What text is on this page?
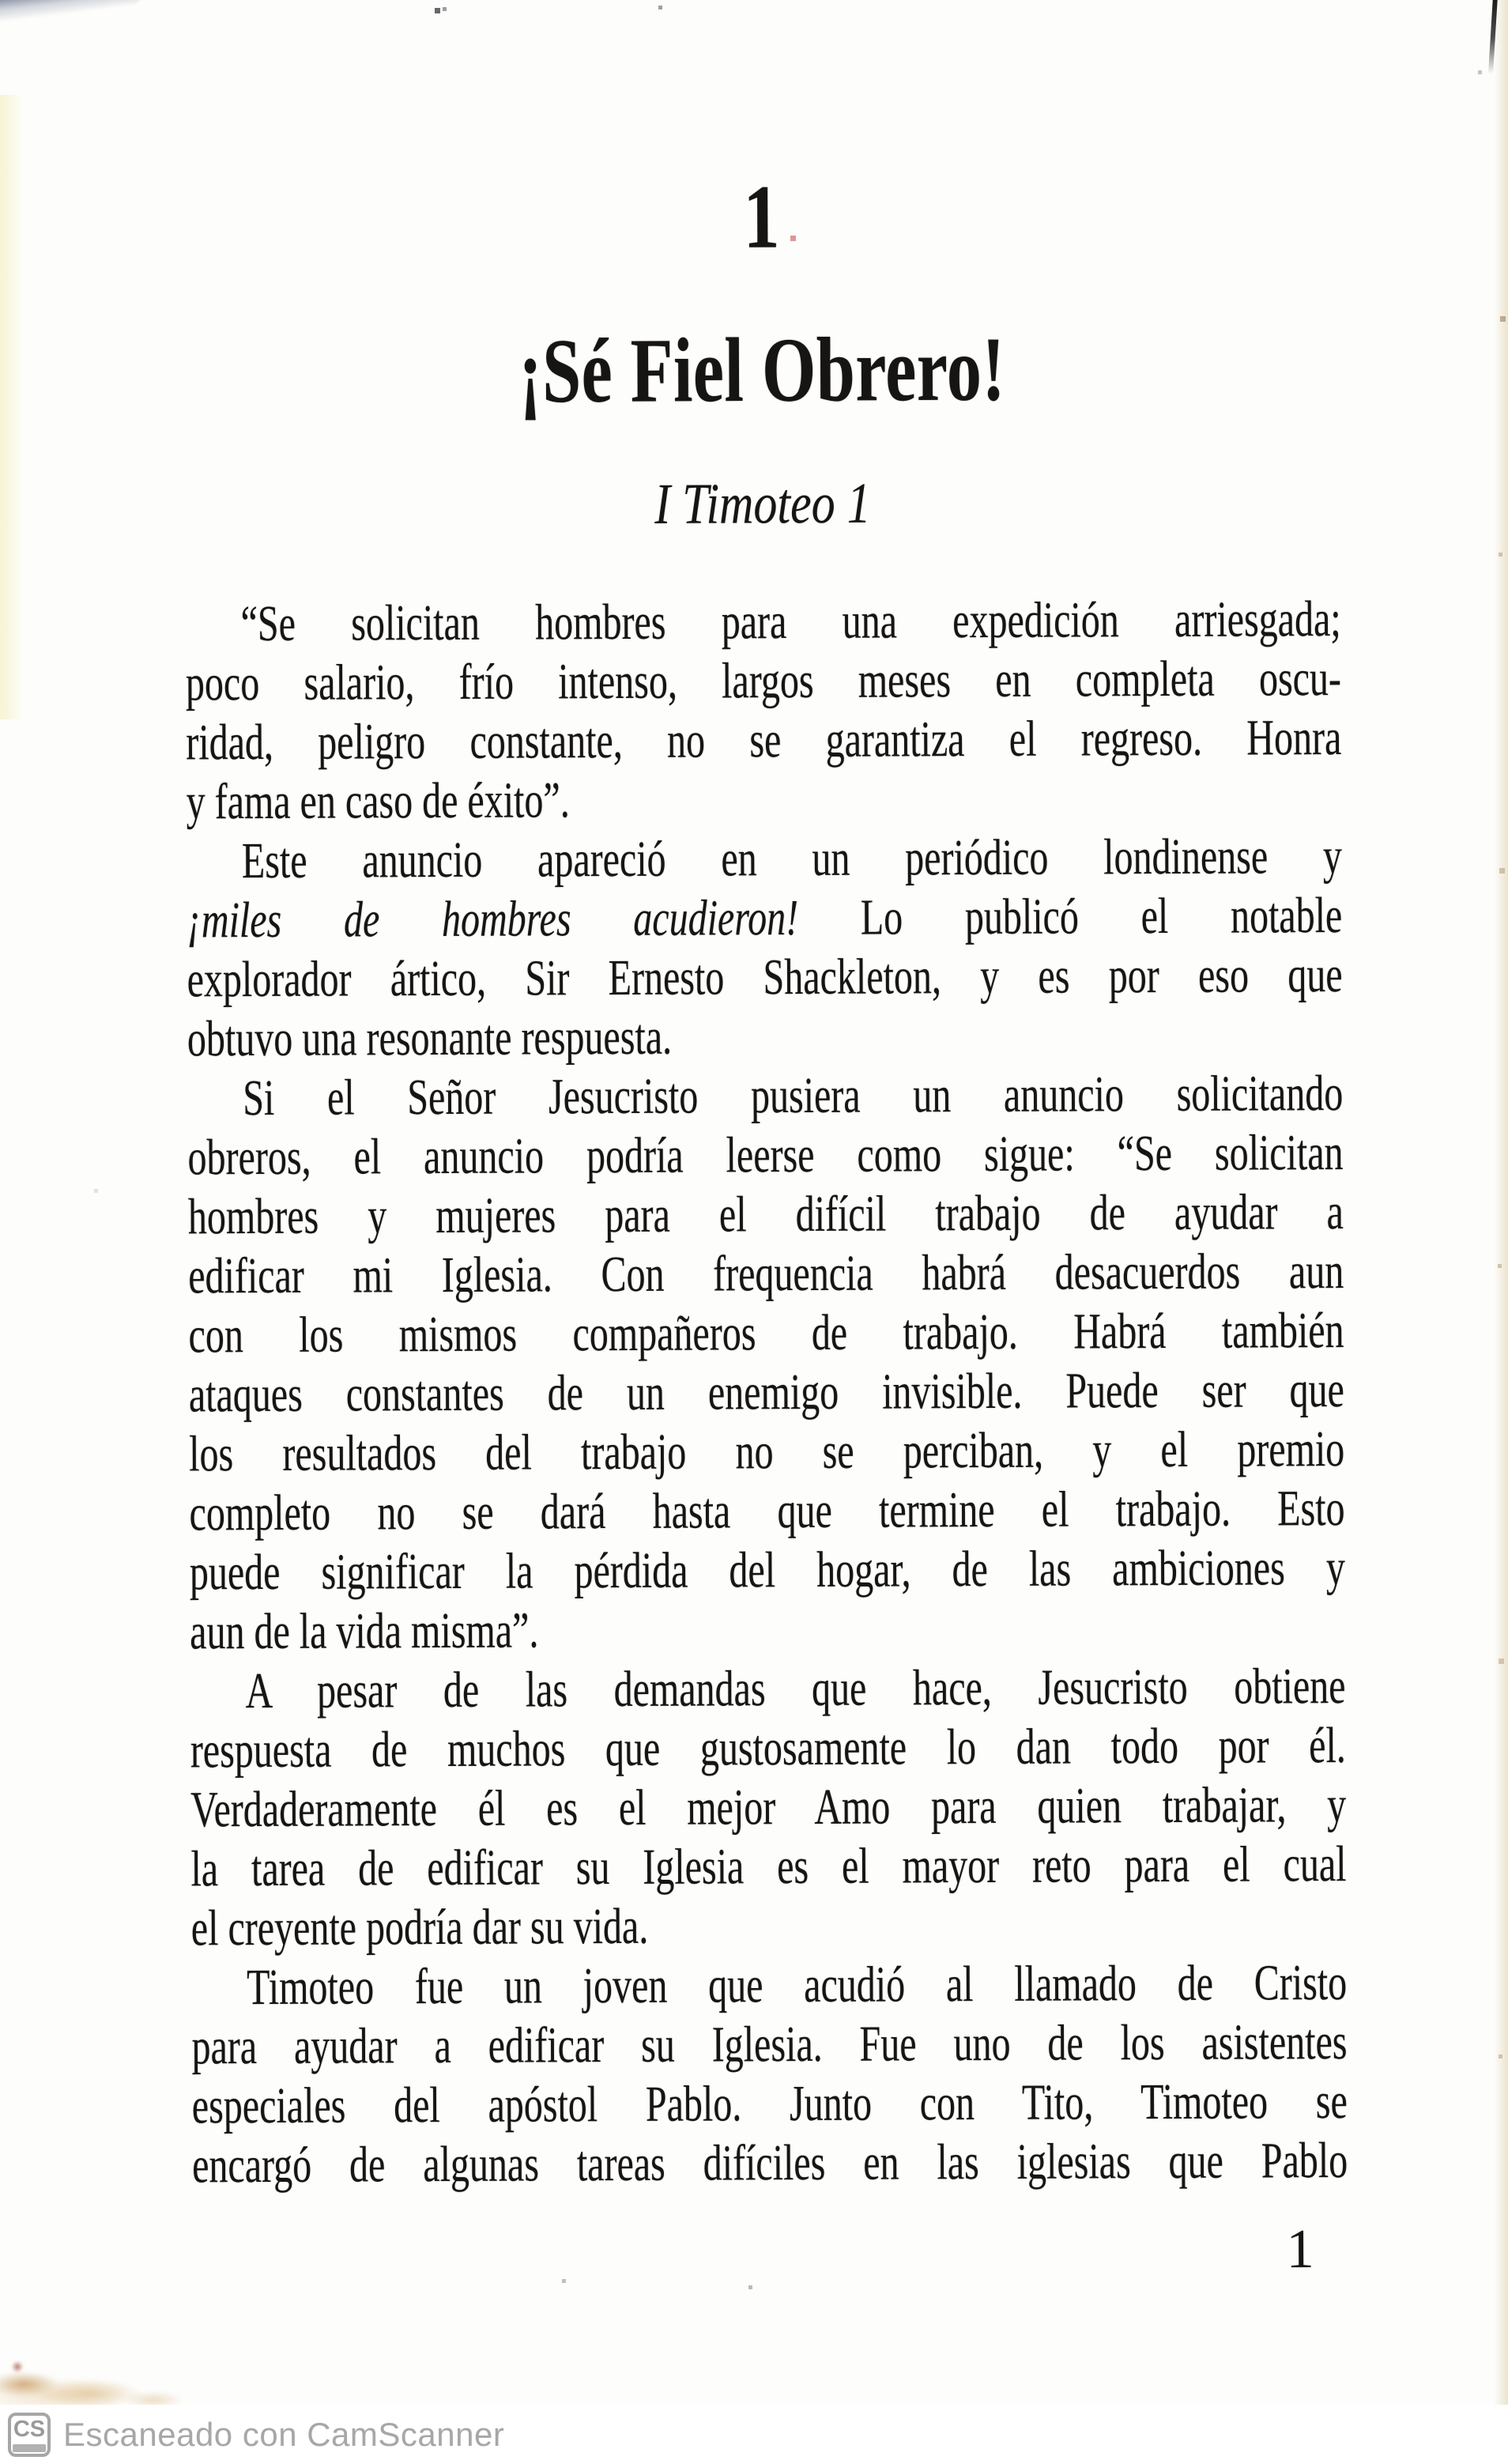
1
¡Sé Fiel Obrero!
I Timoteo 1
“Se solicitan hombres para una expedición arriesgada;
poco salario, frío intenso, largos meses en completa oscu-
ridad, peligro constante, no se garantiza el regreso. Honra
y fama en caso de éxito”.
Este anuncio apareció en un periódico londinense y
¡miles de hombres acudieron! Lo publicó el notable
explorador ártico, Sir Ernesto Shackleton, y es por eso que
obtuvo una resonante respuesta.
Si el Señor Jesucristo pusiera un anuncio solicitando
obreros, el anuncio podría leerse como sigue: “Se solicitan
hombres y mujeres para el difícil trabajo de ayudar a
edificar mi Iglesia. Con frequencia habrá desacuerdos aun
con los mismos compañeros de trabajo. Habrá también
ataques constantes de un enemigo invisible. Puede ser que
los resultados del trabajo no se perciban, y el premio
completo no se dará hasta que termine el trabajo. Esto
puede significar la pérdida del hogar, de las ambiciones y
aun de la vida misma”.
A pesar de las demandas que hace, Jesucristo obtiene
respuesta de muchos que gustosamente lo dan todo por él.
Verdaderamente él es el mejor Amo para quien trabajar, y
la tarea de edificar su Iglesia es el mayor reto para el cual
el creyente podría dar su vida.
Timoteo fue un joven que acudió al llamado de Cristo
para ayudar a edificar su Iglesia. Fue uno de los asistentes
especiales del apóstol Pablo. Junto con Tito, Timoteo se
encargó de algunas tareas difíciles en las iglesias que Pablo
1
CS Escaneado con CamScanner
